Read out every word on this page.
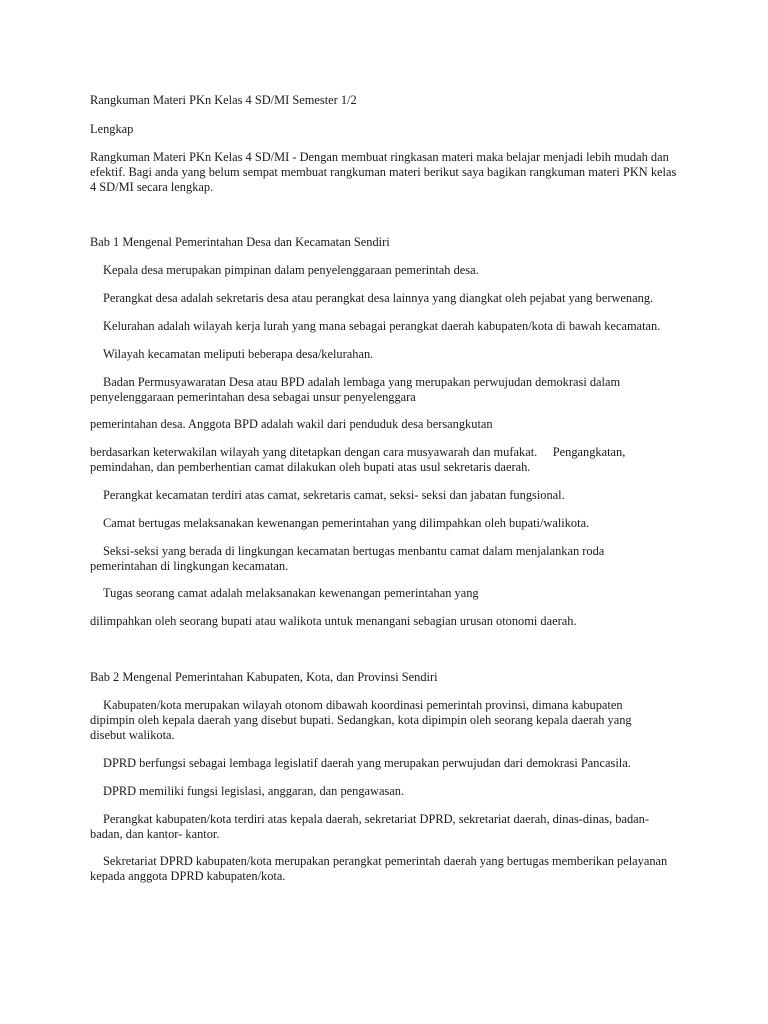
Rangkuman Materi PKn Kelas 4 SD/MI Semester 1/2

Lengkap

Rangkuman Materi PKn Kelas 4 SD/MI - Dengan membuat ringkasan materi maka belajar menjadi lebih mudah dan efektif. Bagi anda yang belum sempat membuat rangkuman materi berikut saya bagikan rangkuman materi PKN kelas 4 SD/MI secara lengkap.

Bab 1 Mengenal Pemerintahan Desa dan Kecamatan Sendiri

Kepala desa merupakan pimpinan dalam penyelenggaraan pemerintah desa.

Perangkat desa adalah sekretaris desa atau perangkat desa lainnya yang diangkat oleh pejabat yang berwenang.

Kelurahan adalah wilayah kerja lurah yang mana sebagai perangkat daerah kabupaten/kota di bawah kecamatan.

Wilayah kecamatan meliputi beberapa desa/kelurahan.

Badan Permusyawaratan Desa atau BPD adalah lembaga yang merupakan perwujudan demokrasi dalam penyelenggaraan pemerintahan desa sebagai unsur penyelenggara

pemerintahan desa. Anggota BPD adalah wakil dari penduduk desa bersangkutan

berdasarkan keterwakilan wilayah yang ditetapkan dengan cara musyawarah dan mufakat.     Pengangkatan, pemindahan, dan pemberhentian camat dilakukan oleh bupati atas usul sekretaris daerah.

Perangkat kecamatan terdiri atas camat, sekretaris camat, seksi- seksi dan jabatan fungsional.

Camat bertugas melaksanakan kewenangan pemerintahan yang dilimpahkan oleh bupati/walikota.

Seksi-seksi yang berada di lingkungan kecamatan bertugas menbantu camat dalam menjalankan roda pemerintahan di lingkungan kecamatan.

Tugas seorang camat adalah melaksanakan kewenangan pemerintahan yang

dilimpahkan oleh seorang bupati atau walikota untuk menangani sebagian urusan otonomi daerah.

Bab 2 Mengenal Pemerintahan Kabupaten, Kota, dan Provinsi Sendiri

Kabupaten/kota merupakan wilayah otonom dibawah koordinasi pemerintah provinsi, dimana kabupaten dipimpin oleh kepala daerah yang disebut bupati. Sedangkan, kota dipimpin oleh seorang kepala daerah yang disebut walikota.

DPRD berfungsi sebagai lembaga legislatif daerah yang merupakan perwujudan dari demokrasi Pancasila.

DPRD memiliki fungsi legislasi, anggaran, dan pengawasan.

Perangkat kabupaten/kota terdiri atas kepala daerah, sekretariat DPRD, sekretariat daerah, dinas-dinas, badan-badan, dan kantor- kantor.

Sekretariat DPRD kabupaten/kota merupakan perangkat pemerintah daerah yang bertugas memberikan pelayanan kepada anggota DPRD kabupaten/kota.
